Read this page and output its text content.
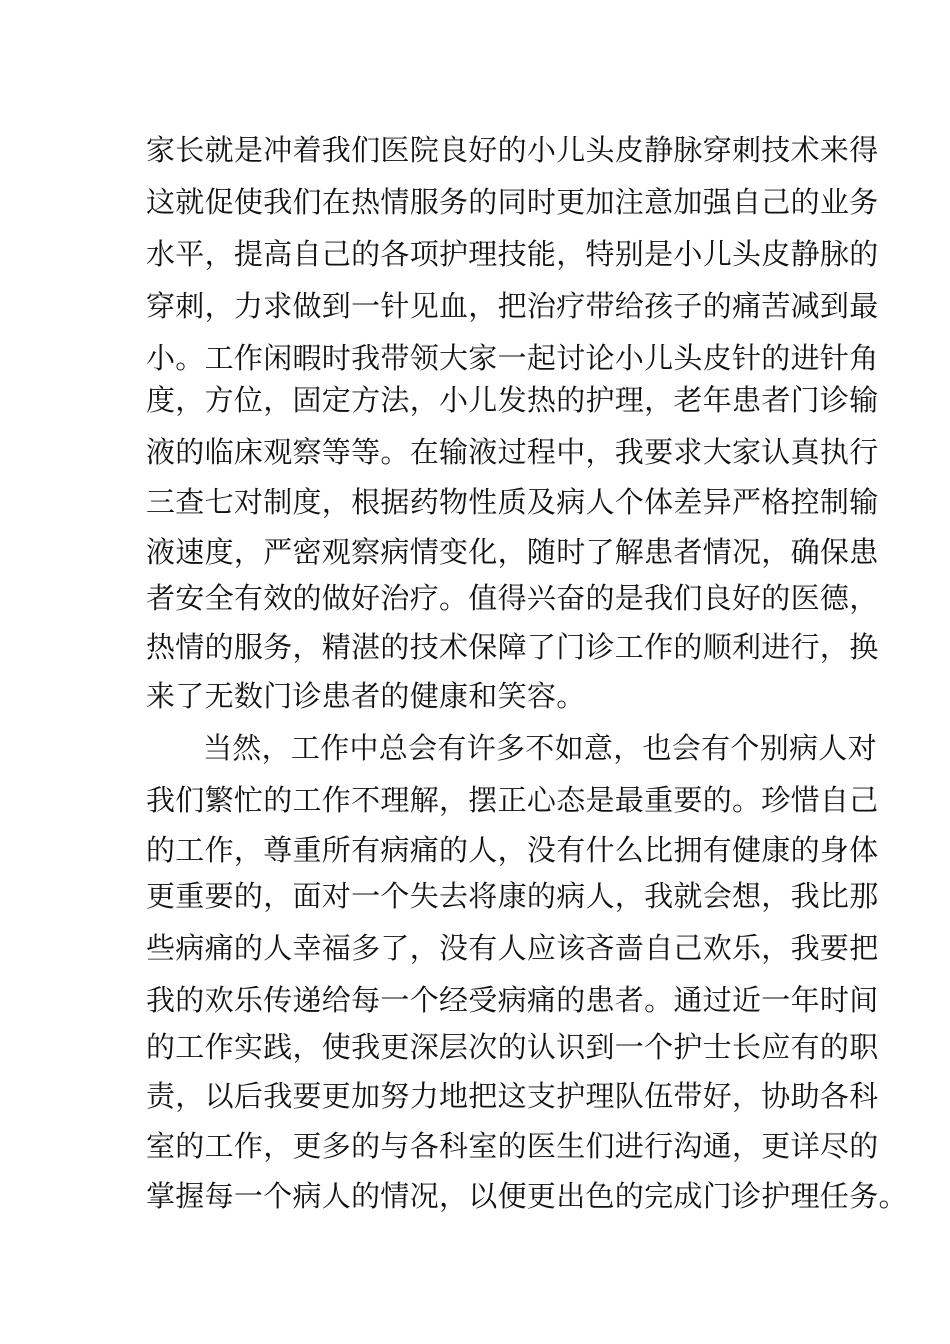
家长就是冲着我们医院良好的小儿头皮静脉穿刺技术来得
这就促使我们在热情服务的同时更加注意加强自己的业务
水平，提高自己的各项护理技能，特别是小儿头皮静脉的
穿刺，力求做到一针见血，把治疗带给孩子的痛苦减到最
小。工作闲暇时我带领大家一起讨论小儿头皮针的进针角
度，方位，固定方法，小儿发热的护理，老年患者门诊输
液的临床观察等等。在输液过程中，我要求大家认真执行
三查七对制度，根据药物性质及病人个体差异严格控制输
液速度，严密观察病情变化，随时了解患者情况，确保患
者安全有效的做好治疗。值得兴奋的是我们良好的医德，
热情的服务，精湛的技术保障了门诊工作的顺利进行，换
来了无数门诊患者的健康和笑容。
当然，工作中总会有许多不如意，也会有个别病人对
我们繁忙的工作不理解，摆正心态是最重要的。珍惜自己
的工作，尊重所有病痛的人，没有什么比拥有健康的身体
更重要的，面对一个失去将康的病人，我就会想，我比那
些病痛的人幸福多了，没有人应该吝啬自己欢乐，我要把
我的欢乐传递给每一个经受病痛的患者。通过近一年时间
的工作实践，使我更深层次的认识到一个护士长应有的职
责，以后我要更加努力地把这支护理队伍带好，协助各科
室的工作，更多的与各科室的医生们进行沟通，更详尽的
掌握每一个病人的情况，以便更出色的完成门诊护理任务。
